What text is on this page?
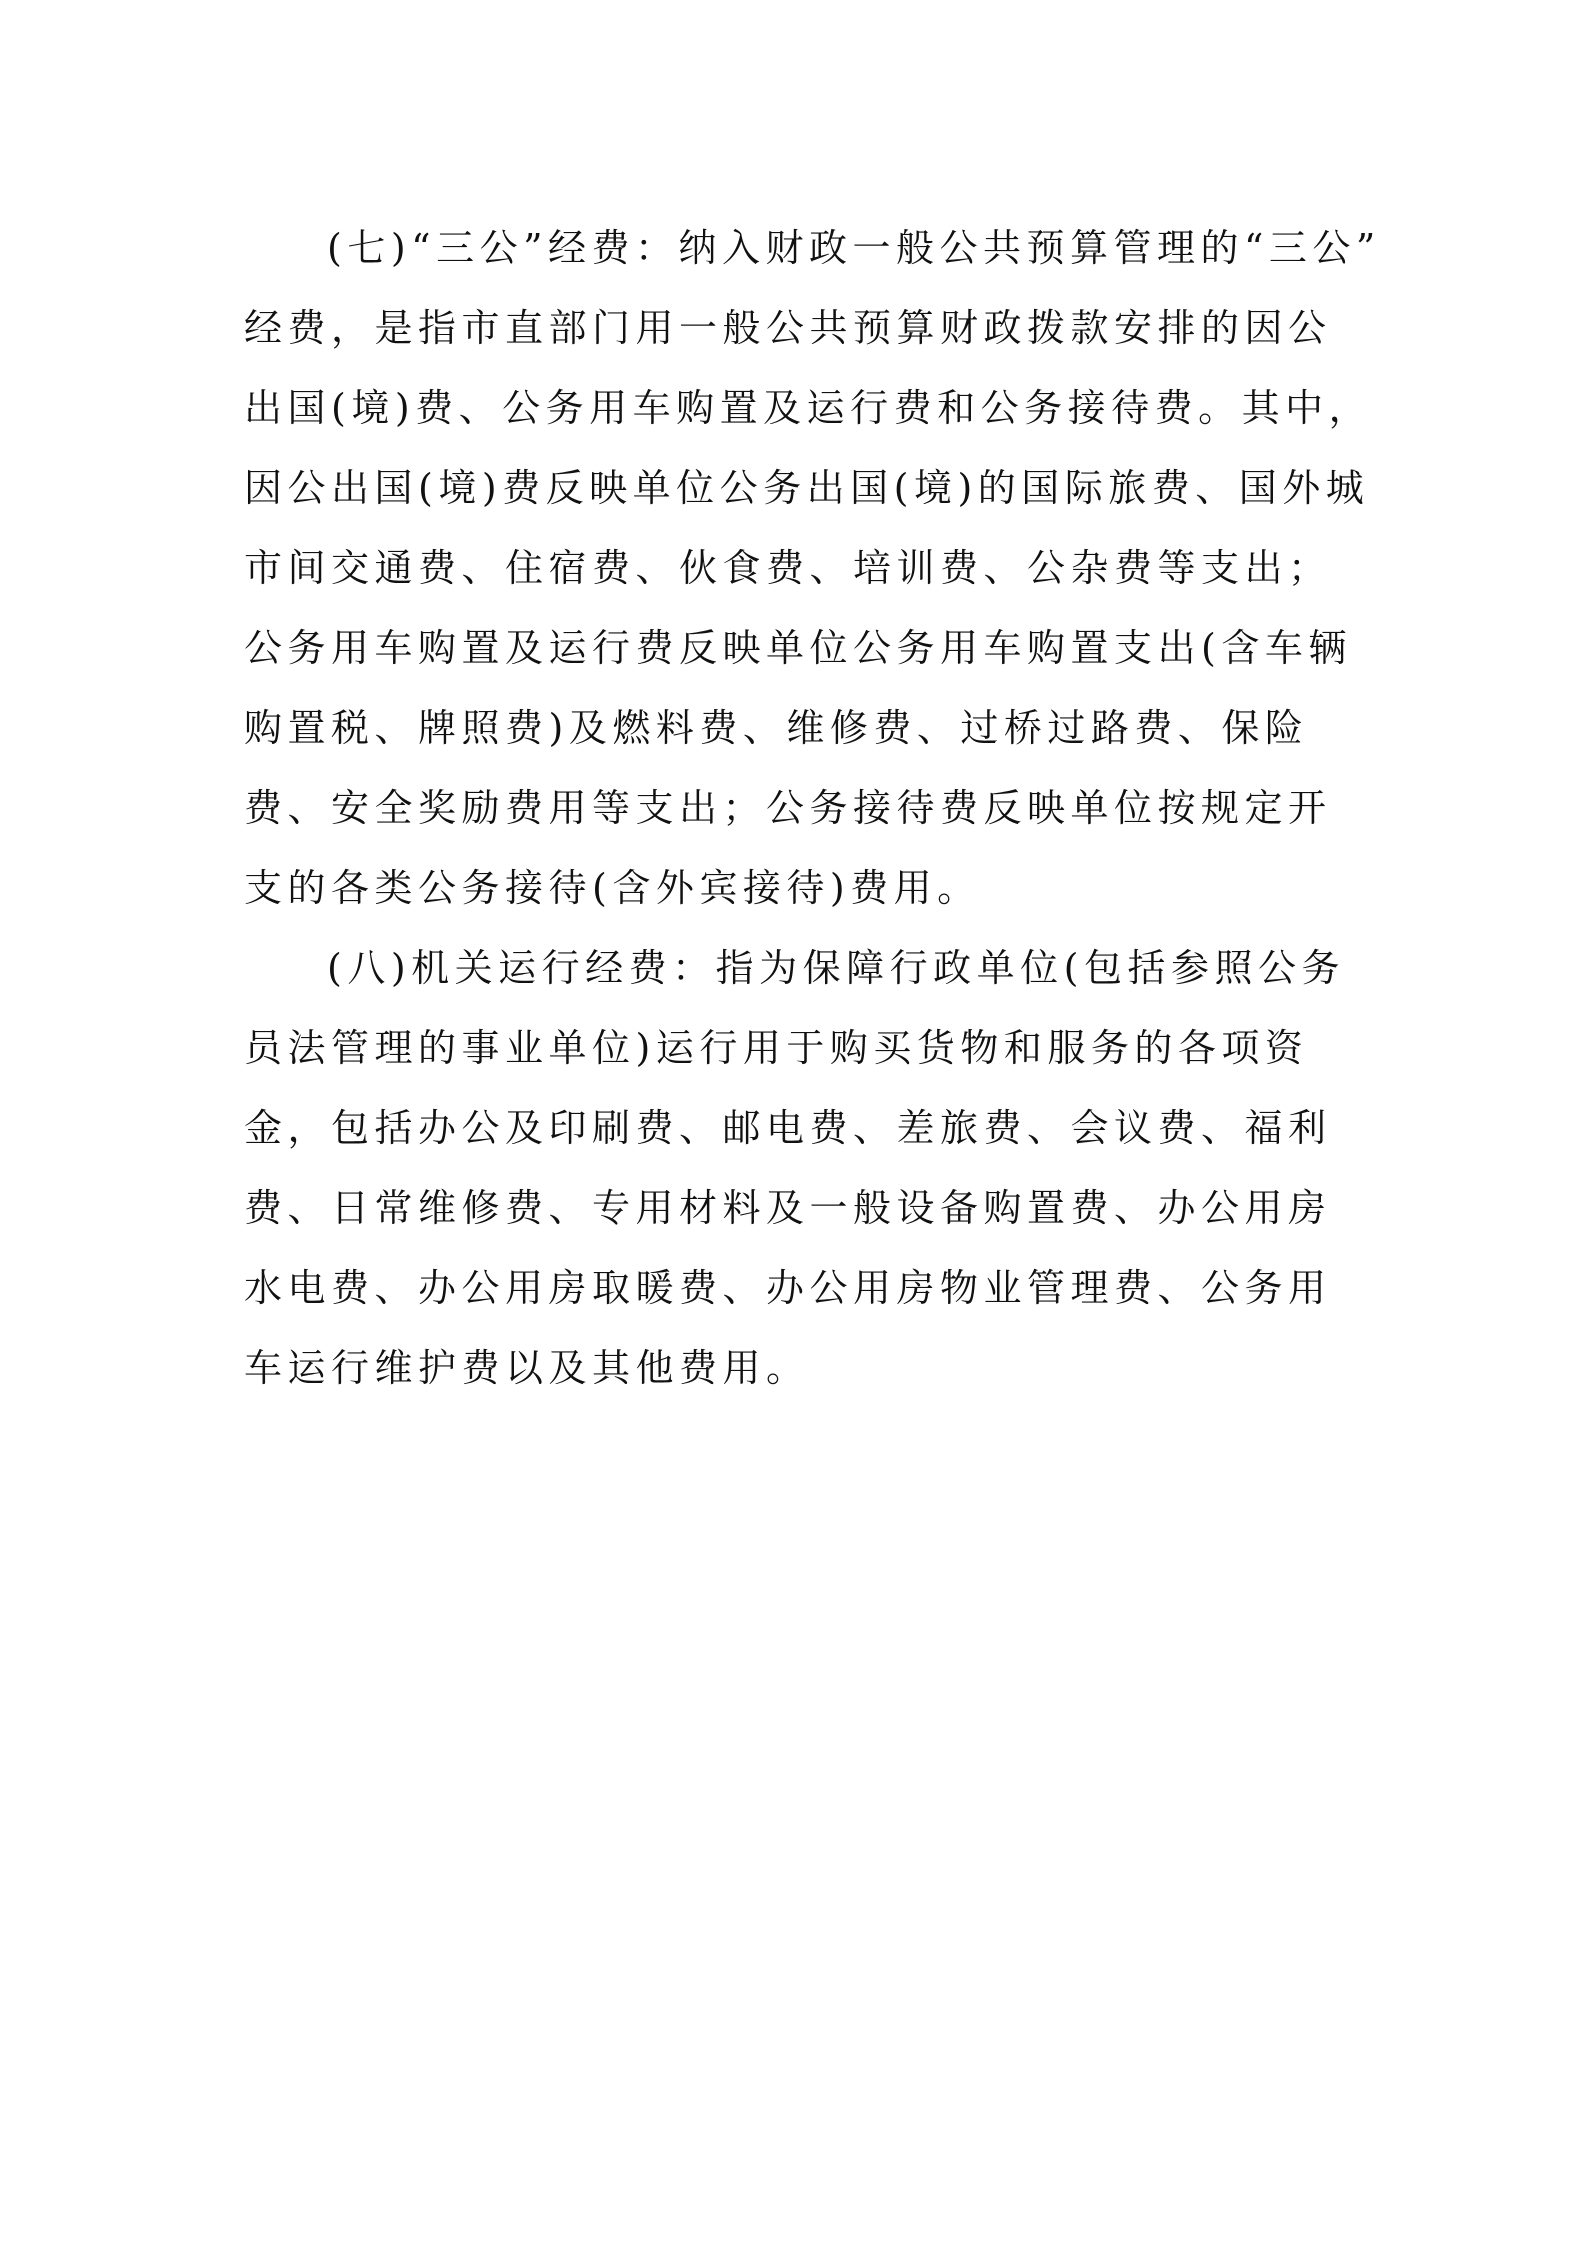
(七)“三公”经费：纳入财政一般公共预算管理的“三公”
经费，是指市直部门用一般公共预算财政拨款安排的因公
出国(境)费、公务用车购置及运行费和公务接待费。其中，
因公出国(境)费反映单位公务出国(境)的国际旅费、国外城
市间交通费、住宿费、伙食费、培训费、公杂费等支出；
公务用车购置及运行费反映单位公务用车购置支出(含车辆
购置税、牌照费)及燃料费、维修费、过桥过路费、保险
费、安全奖励费用等支出；公务接待费反映单位按规定开
支的各类公务接待(含外宾接待)费用。
(八)机关运行经费：指为保障行政单位(包括参照公务
员法管理的事业单位)运行用于购买货物和服务的各项资
金，包括办公及印刷费、邮电费、差旅费、会议费、福利
费、日常维修费、专用材料及一般设备购置费、办公用房
水电费、办公用房取暖费、办公用房物业管理费、公务用
车运行维护费以及其他费用。
